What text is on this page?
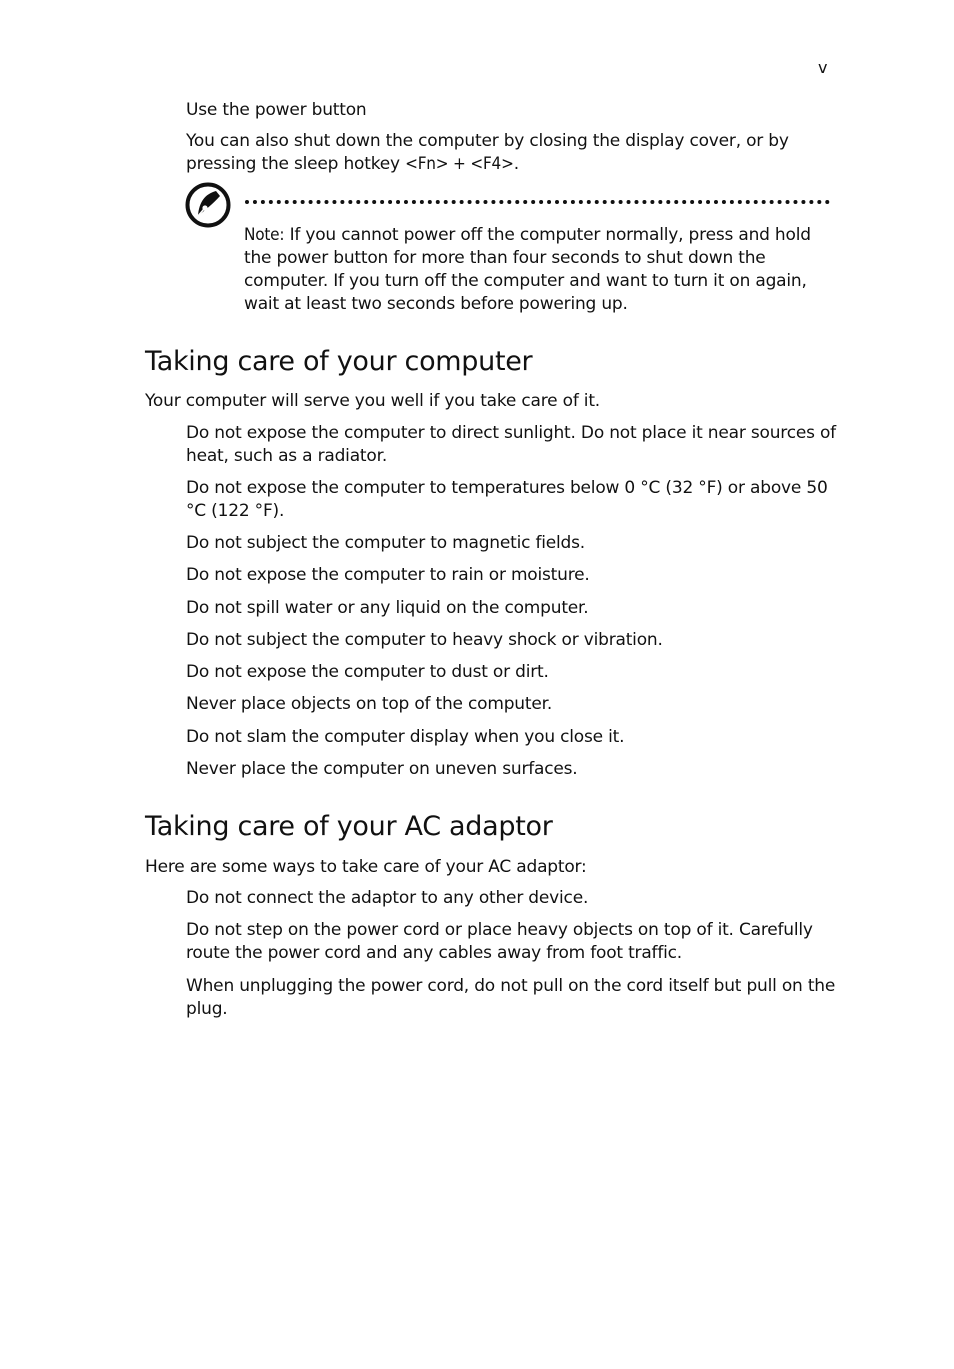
v
Use the power button

You can also shut down the computer by closing the display cover, or by pressing the sleep hotkey <Fn> + <F4>.

Note: If you cannot power off the computer normally, press and hold the power button for more than four seconds to shut down the computer. If you turn off the computer and want to turn it on again, wait at least two seconds before powering up.

Taking care of your computer
Your computer will serve you well if you take care of it.
Do not expose the computer to direct sunlight. Do not place it near sources of heat, such as a radiator.
Do not expose the computer to temperatures below 0 °C (32 °F) or above 50 °C (122 °F).
Do not subject the computer to magnetic fields.
Do not expose the computer to rain or moisture.
Do not spill water or any liquid on the computer.
Do not subject the computer to heavy shock or vibration.
Do not expose the computer to dust or dirt.
Never place objects on top of the computer.
Do not slam the computer display when you close it.
Never place the computer on uneven surfaces.
Taking care of your AC adaptor
Here are some ways to take care of your AC adaptor:
Do not connect the adaptor to any other device.
Do not step on the power cord or place heavy objects on top of it. Carefully route the power cord and any cables away from foot traffic.
When unplugging the power cord, do not pull on the cord itself but pull on the plug.
